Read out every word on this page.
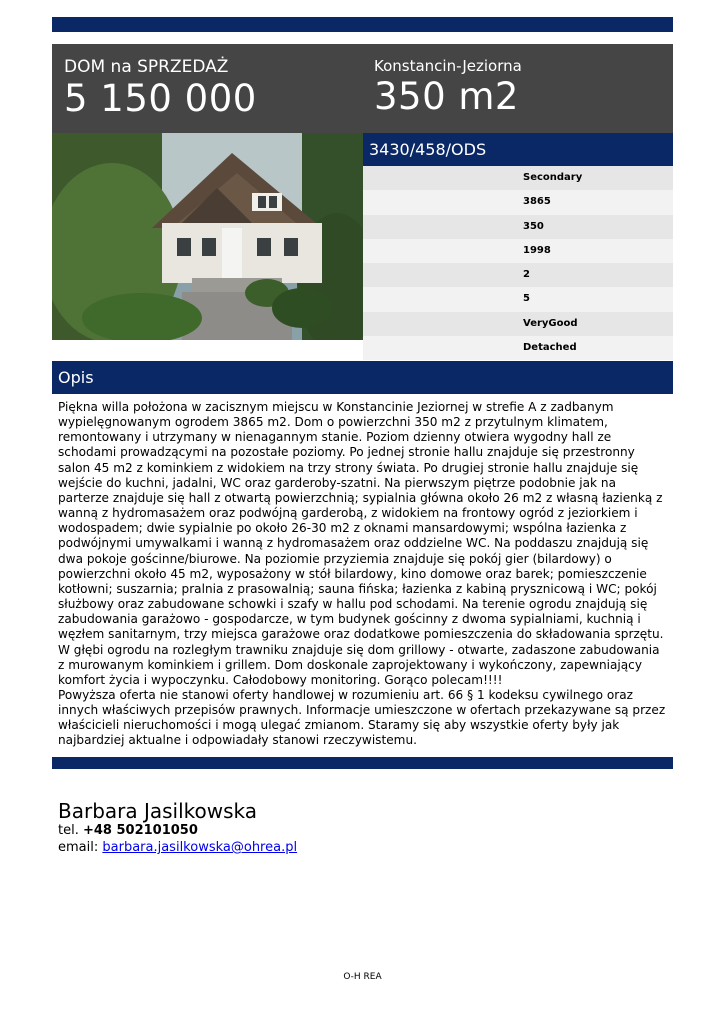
DOM na SPRZEDAŻ
5 150 000
Konstancin-Jeziorna
350 m2
3430/458/ODS
Secondary
3865
350
1998
2
5
VeryGood
Detached
Opis
Piękna willa położona w zacisznym miejscu w Konstancinie Jeziornej w strefie A z zadbanym wypielęgnowanym ogrodem 3865 m2. Dom o powierzchni 350 m2 z przytulnym klimatem, remontowany i utrzymany w nienagannym stanie. Poziom dzienny otwiera wygodny hall ze schodami prowadzącymi na pozostałe poziomy. Po jednej stronie hallu znajduje się przestronny salon 45 m2 z kominkiem z widokiem na trzy strony świata. Po drugiej stronie hallu znajduje się wejście do kuchni, jadalni, WC oraz garderoby-szatni. Na pierwszym piętrze podobnie jak na parterze znajduje się hall z otwartą powierzchnią; sypialnia główna około 26 m2 z własną łazienką z wanną z hydromasażem oraz podwójną garderobą, z widokiem na frontowy ogród z jeziorkiem i wodospadem; dwie sypialnie po około 26-30 m2 z oknami mansardowymi; wspólna łazienka z podwójnymi umywalkami i wanną z hydromasażem oraz oddzielne WC. Na poddaszu znajdują się dwa pokoje gościnne/biurowe. Na poziomie przyziemia znajduje się pokój gier (bilardowy) o powierzchni około 45 m2, wyposażony w stół bilardowy, kino domowe oraz barek; pomieszczenie kotłowni; suszarnia; pralnia z prasowalnią; sauna fińska; łazienka z kabiną prysznicową i WC; pokój służbowy oraz zabudowane schowki i szafy w hallu pod schodami. Na terenie ogrodu znajdują się zabudowania garażowo - gospodarcze, w tym budynek gościnny z dwoma sypialniami, kuchnią i węzłem sanitarnym, trzy miejsca garażowe oraz dodatkowe pomieszczenia do składowania sprzętu. W głębi ogrodu na rozległym trawniku znajduje się dom grillowy - otwarte, zadaszone zabudowania z murowanym kominkiem i grillem. Dom doskonale zaprojektowany i wykończony, zapewniający komfort życia i wypoczynku. Całodobowy monitoring. Gorąco polecam!!!!
Powyższa oferta nie stanowi oferty handlowej w rozumieniu art. 66 § 1 kodeksu cywilnego oraz innych właściwych przepisów prawnych. Informacje umieszczone w ofertach przekazywane są przez właścicieli nieruchomości i mogą ulegać zmianom. Staramy się aby wszystkie oferty były jak najbardziej aktualne i odpowiadały stanowi rzeczywistemu.
Barbara Jasilkowska
tel. +48 502101050
email: barbara.jasilkowska@ohrea.pl
O-H REA
